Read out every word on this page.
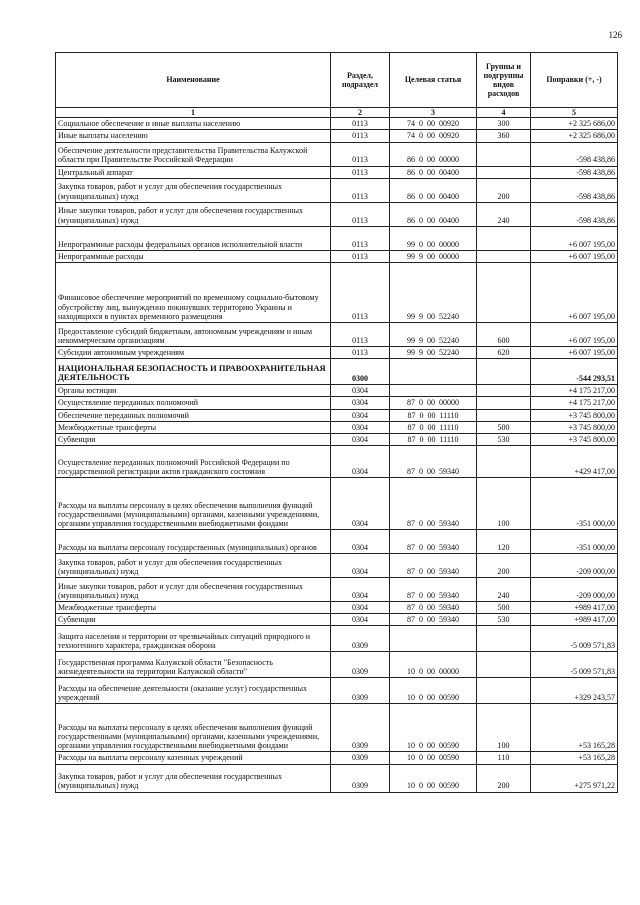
126
Наименование	Раздел, подраздел	Целевая статья	Группы и подгруппы видов расходов	Поправки (+, -)
1	2	3	4	5
Социальное обеспечение и иные выплаты населению	0113	74  0  00  00920	300	+2 325 686,00
Иные выплаты населению	0113	74  0  00  00920	360	+2 325 686,00
Обеспечение деятельности представительства Правительства Калужской области при Правительстве Российской Федерации	0113	86  0  00  00000		-598 438,86
Центральный аппарат	0113	86  0  00  00400		-598 438,86
Закупка товаров, работ и услуг для обеспечения государственных (муниципальных) нужд	0113	86  0  00  00400	200	-598 438,86
Иные закупки товаров, работ и услуг для обеспечения государственных (муниципальных) нужд	0113	86  0  00  00400	240	-598 438,86
Непрограммные расходы федеральных органов исполнительной власти	0113	99  0  00  00000		+6 007 195,00
Непрограммные расходы	0113	99  9  00  00000		+6 007 195,00
Финансовое обеспечение мероприятий по временному социально-бытовому обустройству лиц, вынужденно покинувших территорию Украины и находящихся в пунктах временного размещения	0113	99  9  00  52240		+6 007 195,00
Предоставление субсидий бюджетным, автономным учреждениям и иным некоммерческим организациям	0113	99  9  00  52240	600	+6 007 195,00
Субсидии автономным учреждениям	0113	99  9  00  52240	620	+6 007 195,00
НАЦИОНАЛЬНАЯ БЕЗОПАСНОСТЬ И ПРАВООХРАНИТЕЛЬНАЯ ДЕЯТЕЛЬНОСТЬ	0300			-544 293,51
Органы юстиции	0304			+4 175 217,00
Осуществление переданных полномочий	0304	87  0  00  00000		+4 175 217,00
Обеспечение переданных полномочий	0304	87  0  00  11110		+3 745 800,00
Межбюджетные трансферты	0304	87  0  00  11110	500	+3 745 800,00
Субвенции	0304	87  0  00  11110	530	+3 745 800,00
Осуществление переданных полномочий Российской Федерации по государственной регистрации актов гражданского состояния	0304	87  0  00  59340		+429 417,00
Расходы на выплаты персоналу в целях обеспечения выполнения функций государственными (муниципальными) органами, казенными учреждениями, органами управления государственными внебюджетными фондами	0304	87  0  00  59340	100	-351 000,00
Расходы на выплаты персоналу государственных (муниципальных) органов	0304	87  0  00  59340	120	-351 000,00
Закупка товаров, работ и услуг для обеспечения государственных (муниципальных) нужд	0304	87  0  00  59340	200	-209 000,00
Иные закупки товаров, работ и услуг для обеспечения государственных (муниципальных) нужд	0304	87  0  00  59340	240	-209 000,00
Межбюджетные трансферты	0304	87  0  00  59340	500	+989 417,00
Субвенции	0304	87  0  00  59340	530	+989 417,00
Защита населения и территории от чрезвычайных ситуаций природного и техногенного характера, гражданская оборона	0309			-5 009 571,83
Государственная программа Калужской области "Безопасность жизнедеятельности на территории Калужской области"	0309	10  0  00  00000		-5 009 571,83
Расходы на обеспечение деятельности (оказание услуг) государственных учреждений	0309	10  0  00  00590		+329 243,57
Расходы на выплаты персоналу в целях обеспечения выполнения функций государственными (муниципальными) органами, казенными учреждениями, органами управления государственными внебюджетными фондами	0309	10  0  00  00590	100	+53 165,28
Расходы на выплаты персоналу казенных учреждений	0309	10  0  00  00590	110	+53 165,28
Закупка товаров, работ и услуг для обеспечения государственных (муниципальных) нужд	0309	10  0  00  00590	200	+275 971,22
